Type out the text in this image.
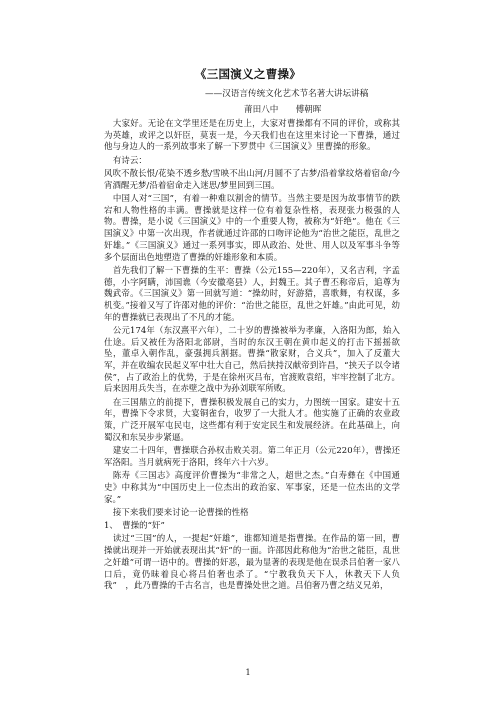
《三国演义之曹操》
——汉语言传统文化艺术节名著大讲坛讲稿
莆田八中　　傅朝晖

大家好。无论在文学里还是在历史上，大家对曹操都有不同的评价，或称其为英雄，或评之以奸臣，莫衷一是，今天我们也在这里来讨论一下曹操，通过他与身边人的一系列故事来了解一下罗贯中《三国演义》里曹操的形象。

有诗云：

风吹不散长恨/花染不透乡愁/雪映不出山河/月圆不了古梦/沿着掌纹烙着宿命/今宵酒醒无梦/沿着宿命走入迷思/梦里回到三国。

中国人对“三国”，有着一种难以割舍的情节。当然主要是因为故事情节的跌宕和人物性格的丰满。曹操就是这样一位有着复杂性格，表现张力极强的人物。曹操，是小说《三国演义》中的一个重要人物，被称为“奸绝”。他在《三国演义》中第一次出现，作者就通过许邵的口吻评论他为“治世之能臣，乱世之奸雄。”《三国演义》通过一系列事实，即从政治、处世、用人以及军事斗争等多个层面出色地塑造了曹操的奸雄形象和本质。

首先我们了解一下曹操的生平：曹操（公元155—220年），又名吉利，字孟德，小字阿瞒，沛国谯（今安徽亳县）人，封魏王。其子曹丕称帝后，追尊为魏武帝。《三国演义》第一回就写道：“操幼时，好游猎，喜歌舞，有权谋，多机变。”接着又写了许邵对他的评价：“治世之能臣，乱世之奸雄。”由此可见，幼年的曹操就已表现出了不凡的才能。

公元174年（东汉熹平六年），二十岁的曹操被举为孝廉，入洛阳为郎，始入仕途。后又被任为洛阳北部尉，当时的东汉王朝在黄巾起义的打击下摇摇欲坠，董卓入朝作乱，豪强拥兵割据。曹操“散家财，合义兵”，加入了反董大军，并在收编农民起义军中壮大自己，然后挟持汉献帝到许昌，“挟天子以令诸侯”，占了政治上的优势，于是在徐州灭吕布，官渡败袁绍，牢牢控制了北方。后来因用兵失当，在赤壁之战中为孙刘联军所败。

在三国鼎立的前提下，曹操积极发展自己的实力，力图统一国家。建安十五年，曹操下令求贤，大宴铜雀台，收罗了一大批人才。他实施了正确的农业政策，广泛开展军屯民屯，这些都有利于安定民生和发展经济。在此基础上，向蜀汉和东吴步步紧逼。

建安二十四年，曹操联合孙权击败关羽。第二年正月（公元220年），曹操还军洛阳。当月就病死于洛阳，终年六十六岁。

陈寿《三国志》高度评价曹操为“非常之人，超世之杰。”白寿彝在《中国通史》中称其为“中国历史上一位杰出的政治家、军事家，还是一位杰出的文学家。”

接下来我们要来讨论一论曹操的性格

1、　曹操的“奸”

读过“三国”的人，一提起“奸雄”，谁都知道是指曹操。在作品的第一回，曹操就出现并一开始就表现出其“奸”的一面。许邵因此称他为“治世之能臣，乱世之奸雄”可谓一语中的。曹操的奸恶，最为显著的表现是他在误杀吕伯奢一家八口后，竟仍昧着良心将吕伯奢也杀了。“宁教我负天下人，休教天下人负我”　，此乃曹操的千古名言，也是曹操处世之道。吕伯奢乃曹之结义兄弟，

1
